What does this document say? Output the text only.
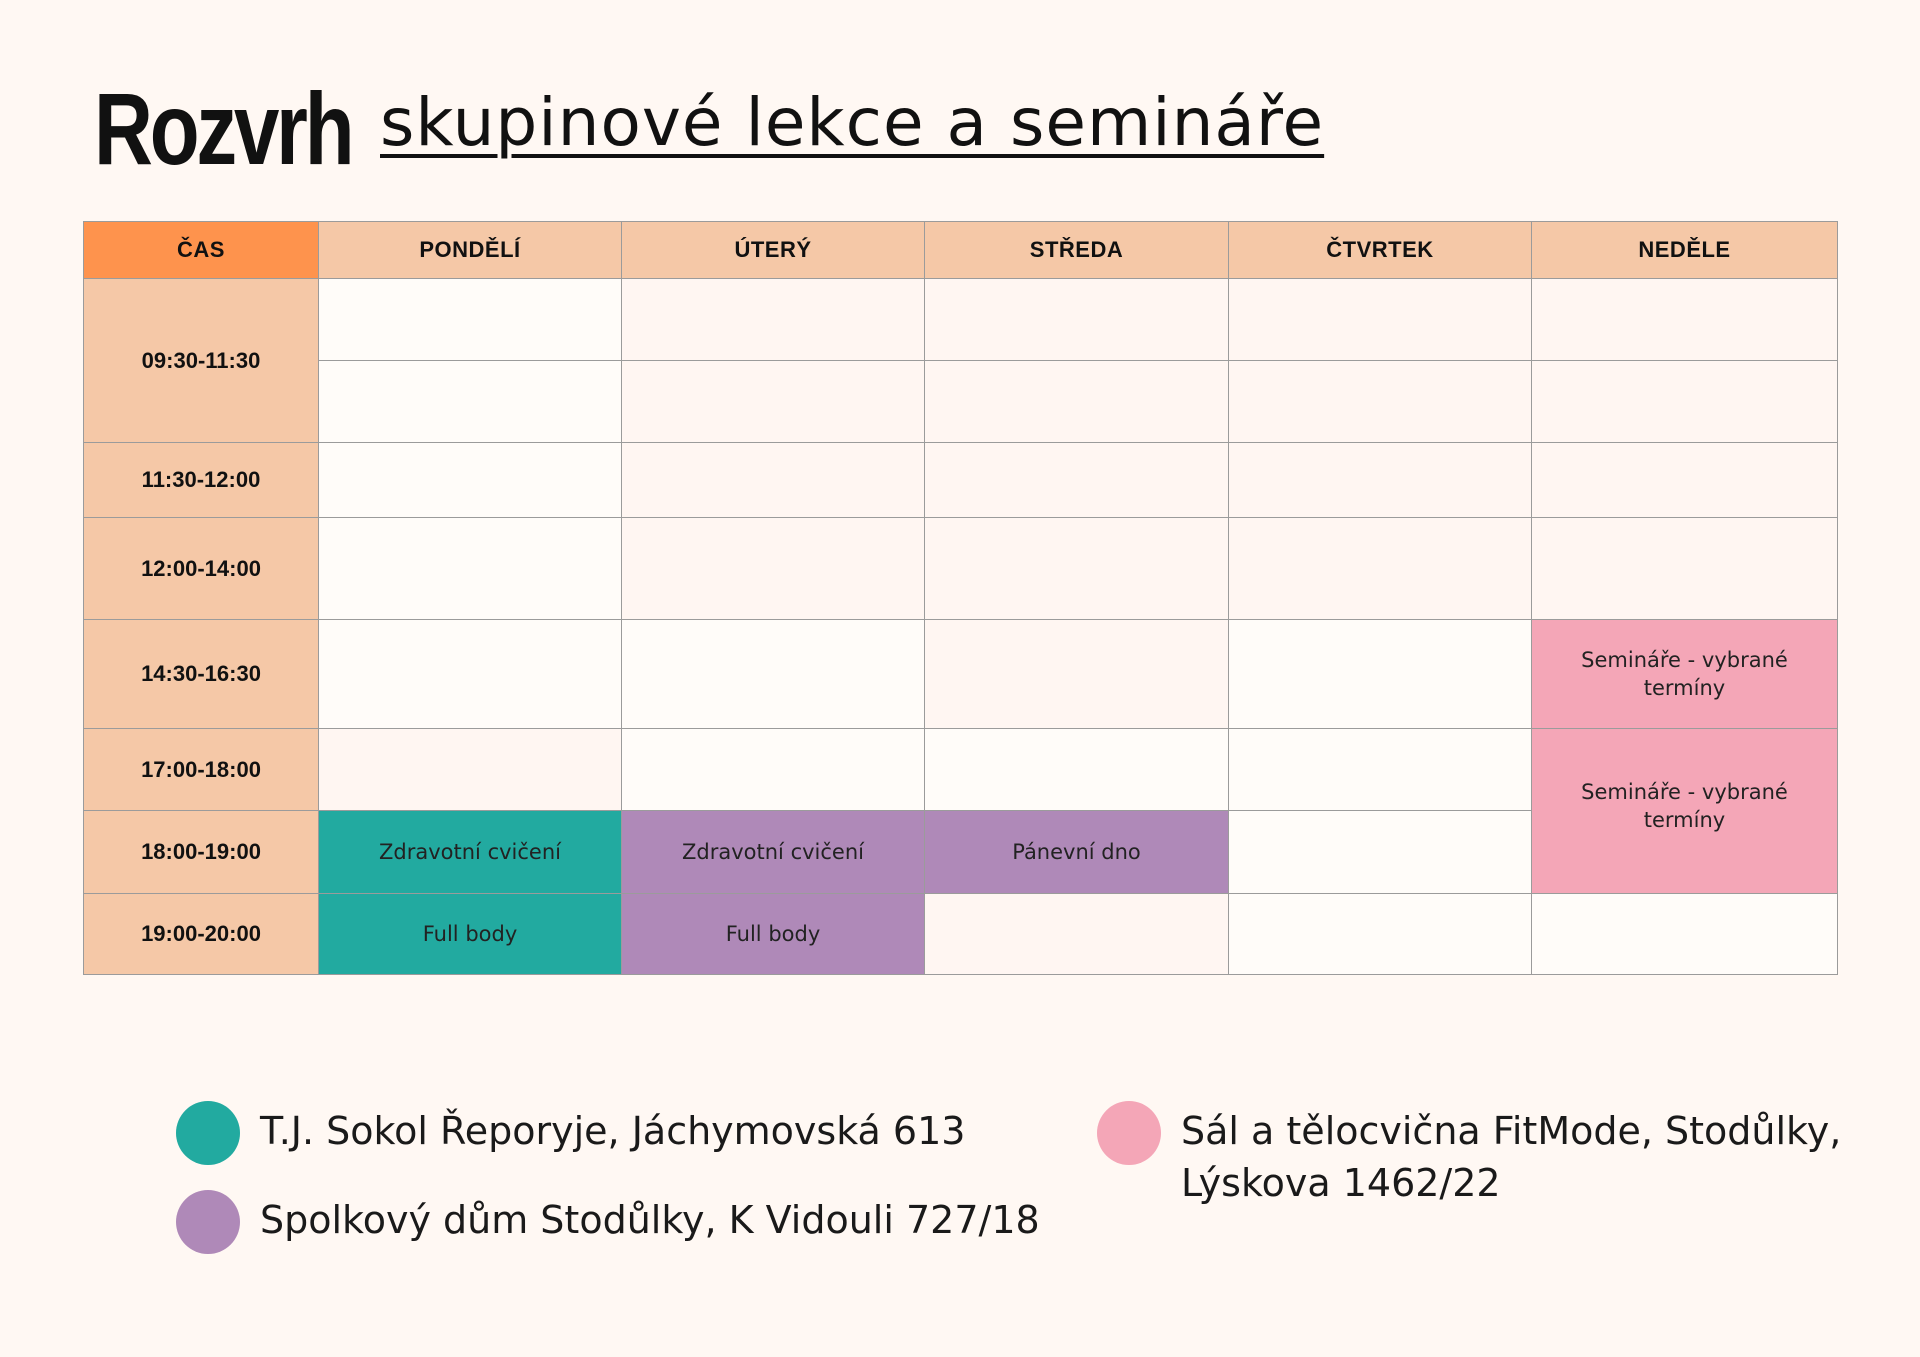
Rozvrh skupinové lekce a semináře
ČAS	PONDĚLÍ	ÚTERÝ	STŘEDA	ČTVRTEK	NEDĚLE
09:30-11:30					

11:30-12:00					
12:00-14:00					
14:30-16:30					Semináře - vybrané termíny

17:00-18:00					Semináře - vybrané termíny

18:00-19:00	Zdravotní cvičení	Zdravotní cvičení	Pánevní dno		
19:00-20:00	Full body	Full body			
T.J. Sokol Řeporyje, Jáchymovská 613
Spolkový dům Stodůlky, K Vidouli 727/18
Sál a tělocvična FitMode, Stodůlky, Lýskova 1462/22
